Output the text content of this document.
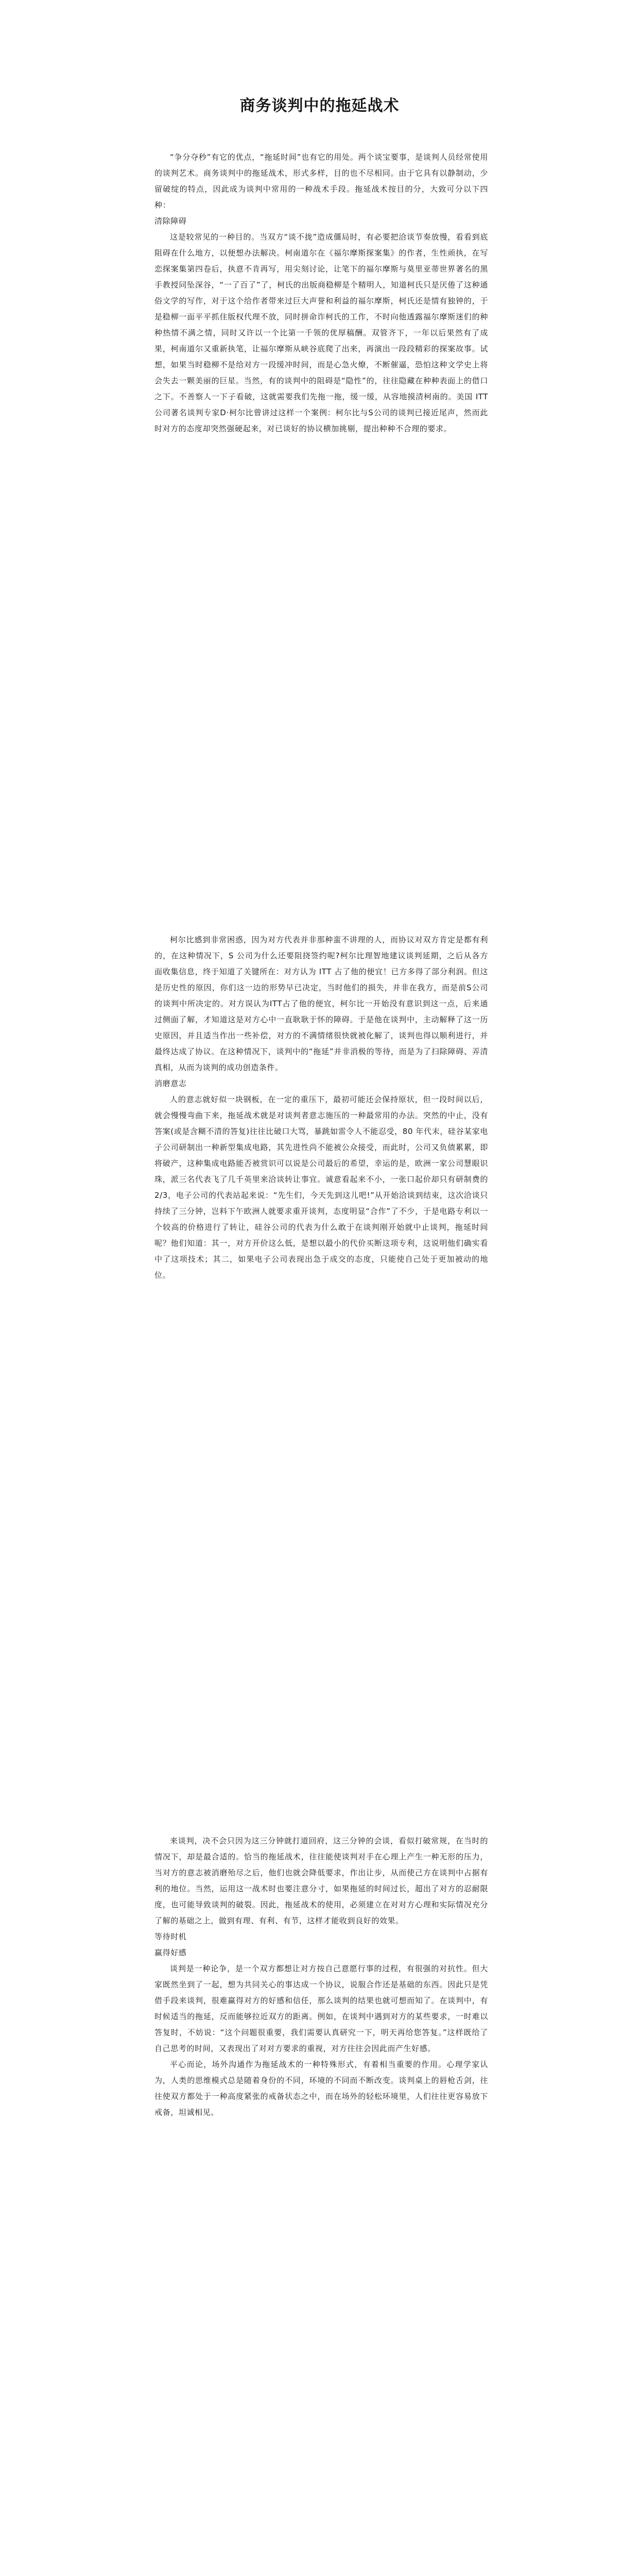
商务谈判中的拖延战术

“争分夺秒”有它的优点，“拖延时间”也有它的用处。两个谈宝要事，是谈判人员经常使用的谈判艺术。商务谈判中的拖延战术，形式多样，目的也不尽相同。由于它具有以静制动，少留破绽的特点，因此成为谈判中常用的一种战术手段。拖延战术按目的分，大致可分以下四种：

清除障碍

这是较常见的一种目的。当双方“谈不拢”造成僵局时，有必要把洽谈节奏放慢，看看到底阻碍在什么地方，以便想办法解决。柯南道尔在《福尔摩斯探案集》的作者，生性顽执，在写恋探案集第四卷后，执意不肯再写，用尖刻讨论，让笔下的福尔摩斯与莫里亚蒂世界著名的黑手教授同坠深谷，“一了百了”了，柯氏的出版商稳柳是个精明人，知道柯氏只是厌倦了这种通俗文学的写作，对于这个给作者带来过巨大声誉和利益的福尔摩斯，柯氏还是情有独钟的，于是稳柳一面平平抓住版权代理不放，同时拼命诈柯氏的工作，不时向他透露福尔摩斯迷们的种种热情不满之情，同时又许以一个比第一千领的优厚稿酬。双管齐下，一年以后果然有了成果，柯南道尔又重新执笔，让福尔摩斯从峡谷底爬了出来，再演出一段段精彩的探案故事。试想，如果当时稳柳不是给对方一段缓冲时间，而是心急火燎，不断催逼，恐怕这种文学史上将会失去一颗美丽的巨星。当然，有的谈判中的阻碍是“隐性”的，往往隐藏在种种表面上的借口之下。不善察人一下子看破，这就需要我们先拖一拖，缓一缓，从容地摸清柯南的。美国 ITT 公司著名谈判专家D·柯尔比曾讲过这样一个案例：柯尔比与S公司的谈判已接近尾声，然而此时对方的态度却突然强硬起来，对已谈好的协议横加挑剔，提出种种不合理的要求。

柯尔比感到非常困惑，因为对方代表并非那种蛮不讲理的人，而协议对双方肯定是都有利的，在这种情况下，S 公司为什么还要阻挠签约呢?柯尔比理智地建议谈判延期，之后从各方面收集信息，终于知道了关键所在：对方认为 ITT 占了他的便宜！已方多得了部分利润。但这是历史性的原因，你们这一边的形势早已决定，当时他们的损失，并非在我方，而是前S公司的谈判中所决定的。对方误认为ITT占了他的便宜，柯尔比一开始没有意识到这一点，后来通过侧面了解，才知道这是对方心中一直耿耿于怀的障碍。于是他在谈判中，主动解释了这一历史原因，并且适当作出一些补偿，对方的不满情绪很快就被化解了，谈判也得以顺利进行，并最终达成了协议。在这种情况下，谈判中的“拖延”并非消极的等待，而是为了扫除障碍、弄清真相，从而为谈判的成功创造条件。

消磨意志

人的意志就好似一块钢板，在一定的重压下，最初可能还会保持原状，但一段时间以后，就会慢慢弯曲下来，拖延战术就是对谈判者意志施压的一种最常用的办法。突然的中止，没有答案(或是含糊不清的答复)往往比破口大骂，暴跳如雷令人不能忍受，80 年代末，硅谷某家电子公司研制出一种新型集成电路，其先进性尚不能被公众接受，而此时，公司又负债累累，即将破产，这种集成电路能否被赏识可以说是公司最后的希望，幸运的是，欧洲一家公司慧眼识珠，派三名代表飞了几千英里来洽谈转让事宜。诚意看起来不小，一张口起价却只有研制费的2/3，电子公司的代表站起来说：“先生们，今天先到这儿吧!”从开始洽谈到结束，这次洽谈只持续了三分钟，岂料下午欧洲人就要求重开谈判，态度明显“合作”了不少，于是电路专利以一个较高的价格进行了转让，硅谷公司的代表为什么敢于在谈判刚开始就中止谈判，拖延时间呢？他们知道：其一，对方开价这么低，是想以最小的代价买断这项专利，这说明他们确实看中了这项技术；其二，如果电子公司表现出急于成交的态度，只能使自己处于更加被动的地位。

来谈判，决不会只因为这三分钟就打道回府，这三分钟的会谈，看似打破常规，在当时的情况下，却是最合适的。恰当的拖延战术，往往能使谈判对手在心理上产生一种无形的压力，当对方的意志被消磨殆尽之后，他们也就会降低要求，作出让步，从而使己方在谈判中占据有利的地位。当然，运用这一战术时也要注意分寸，如果拖延的时间过长，超出了对方的忍耐限度，也可能导致谈判的破裂。因此，拖延战术的使用，必须建立在对对方心理和实际情况充分了解的基础之上，做到有理、有利、有节，这样才能收到良好的效果。

等待时机
赢得好感

谈判是一种论争，是一个双方都想让对方按自己意愿行事的过程，有很强的对抗性。但大家既然坐到了一起，想为共同关心的事达成一个协议，说服合作还是基础的东西。因此只是凭借手段来谈判，很难赢得对方的好感和信任，那么谈判的结果也就可想而知了。在谈判中，有时候适当的拖延，反而能够拉近双方的距离。例如，在谈判中遇到对方的某些要求，一时难以答复时，不妨说：“这个问题很重要，我们需要认真研究一下，明天再给您答复。”这样既给了自己思考的时间，又表现出了对对方要求的重视，对方往往会因此而产生好感。

平心而论，场外沟通作为拖延战术的一种特殊形式，有着相当重要的作用。心理学家认为，人类的思维模式总是随着身份的不同，环境的不同而不断改变。谈判桌上的唇枪舌剑，往往使双方都处于一种高度紧张的戒备状态之中，而在场外的轻松环境里，人们往往更容易放下戒备，坦诚相见。
